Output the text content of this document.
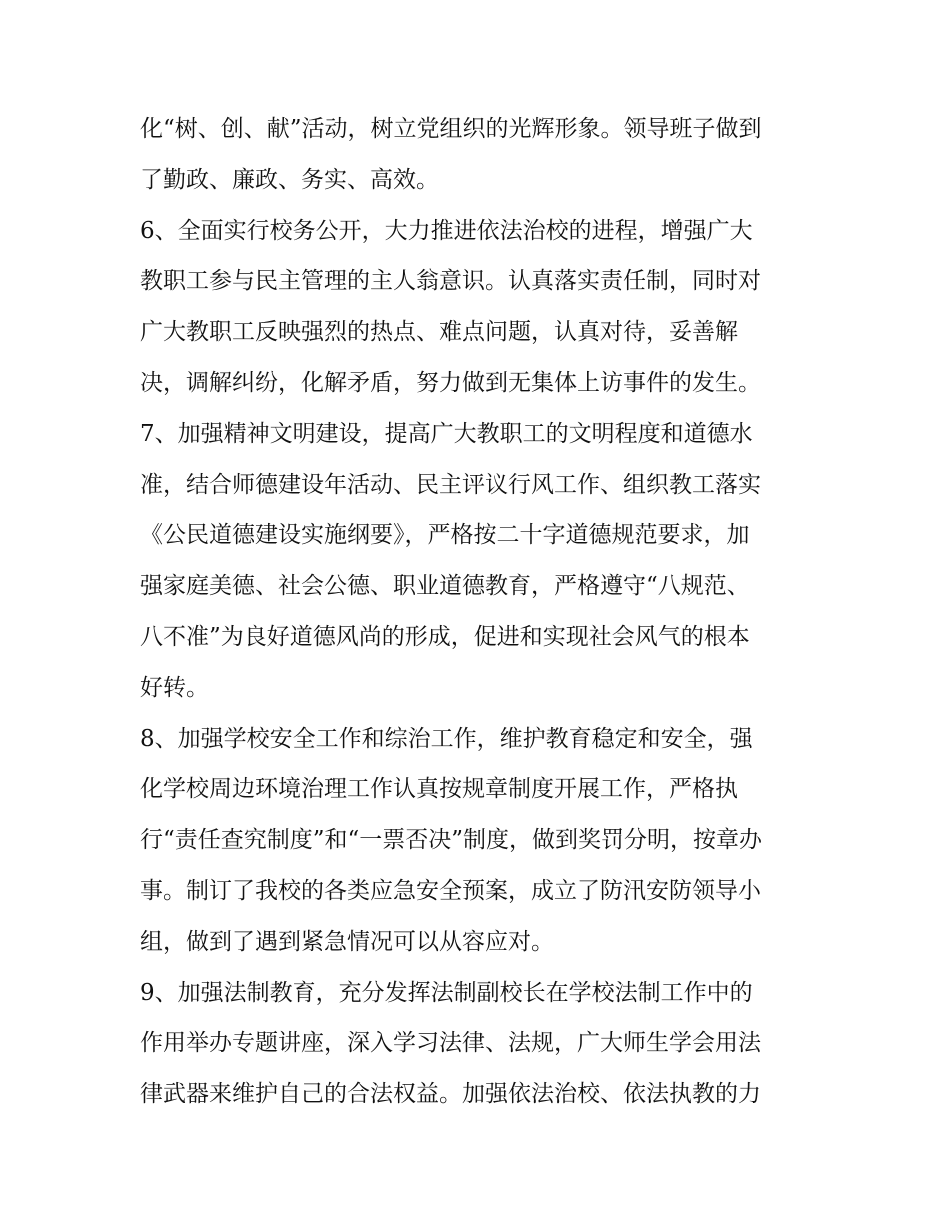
化“树、创、献”活动，树立党组织的光辉形象。领导班子做到
了勤政、廉政、务实、高效。
6、全面实行校务公开，大力推进依法治校的进程，增强广大
教职工参与民主管理的主人翁意识。认真落实责任制，同时对
广大教职工反映强烈的热点、难点问题，认真对待，妥善解
决，调解纠纷，化解矛盾，努力做到无集体上访事件的发生。
7、加强精神文明建设，提高广大教职工的文明程度和道德水
准，结合师德建设年活动、民主评议行风工作、组织教工落实
《公民道德建设实施纲要》，严格按二十字道德规范要求，加
强家庭美德、社会公德、职业道德教育，严格遵守“八规范、
八不准”为良好道德风尚的形成，促进和实现社会风气的根本
好转。
8、加强学校安全工作和综治工作，维护教育稳定和安全，强
化学校周边环境治理工作认真按规章制度开展工作，严格执
行“责任查究制度”和“一票否决”制度，做到奖罚分明，按章办
事。制订了我校的各类应急安全预案，成立了防汛安防领导小
组，做到了遇到紧急情况可以从容应对。
9、加强法制教育，充分发挥法制副校长在学校法制工作中的
作用举办专题讲座，深入学习法律、法规，广大师生学会用法
律武器来维护自己的合法权益。加强依法治校、依法执教的力
